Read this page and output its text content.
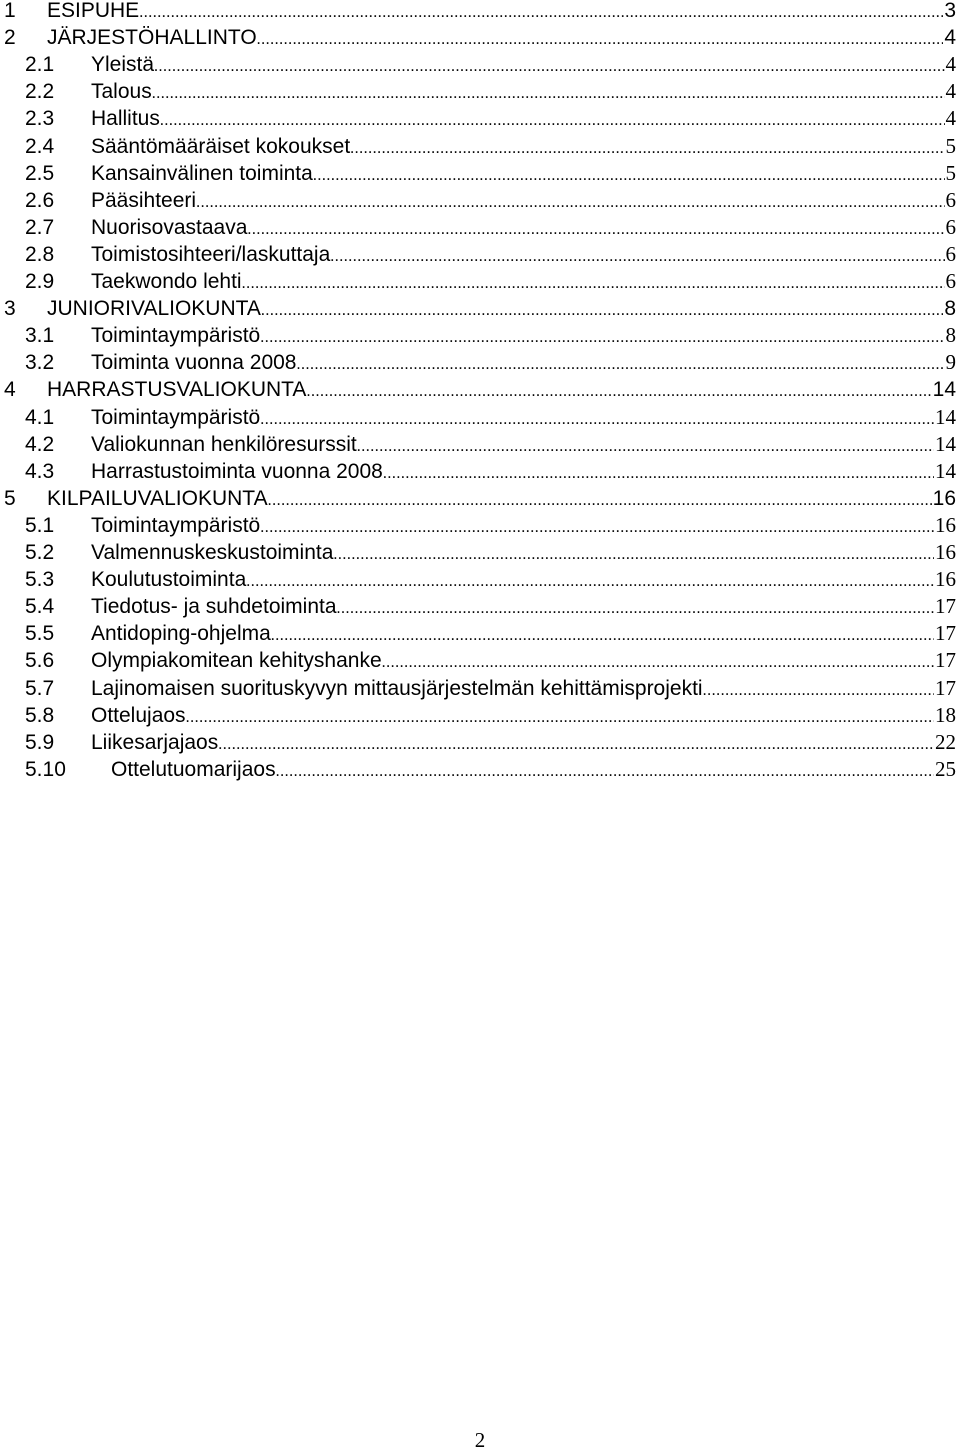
1 ESIPUHE .....	3
2 JÄRJESTÖHALLINTO .....	4
2.1 Yleistä .....	4
2.2 Talous .....	4
2.3 Hallitus .....	4
2.4 Sääntömääräiset kokoukset .....	5
2.5 Kansainvälinen toiminta .....	5
2.6 Pääsihteeri .....	6
2.7 Nuorisovastaava .....	6
2.8 Toimistosihteeri/laskuttaja .....	6
2.9 Taekwondo lehti .....	6
3 JUNIORIVALIOKUNTA .....	8
3.1 Toimintaympäristö .....	8
3.2 Toiminta vuonna 2008 .....	9
4 HARRASTUSVALIOKUNTA .....	14
4.1 Toimintaympäristö .....	14
4.2 Valiokunnan henkilöresurssit .....	14
4.3 Harrastustoiminta vuonna 2008 .....	14
5 KILPAILUVALIOKUNTA .....	16
5.1 Toimintaympäristö .....	16
5.2 Valmennuskeskustoiminta .....	16
5.3 Koulutustoiminta .....	16
5.4 Tiedotus- ja suhdetoiminta .....	17
5.5 Antidoping-ohjelma .....	17
5.6 Olympiakomitean kehityshanke .....	17
5.7 Lajinomaisen suorituskyvyn mittausjärjestelmän kehittämisprojekti .....	17
5.8 Ottelujaos .....	18
5.9 Liikesarjajaos .....	22
5.10 Ottelutuomarijaos .....	25
2
